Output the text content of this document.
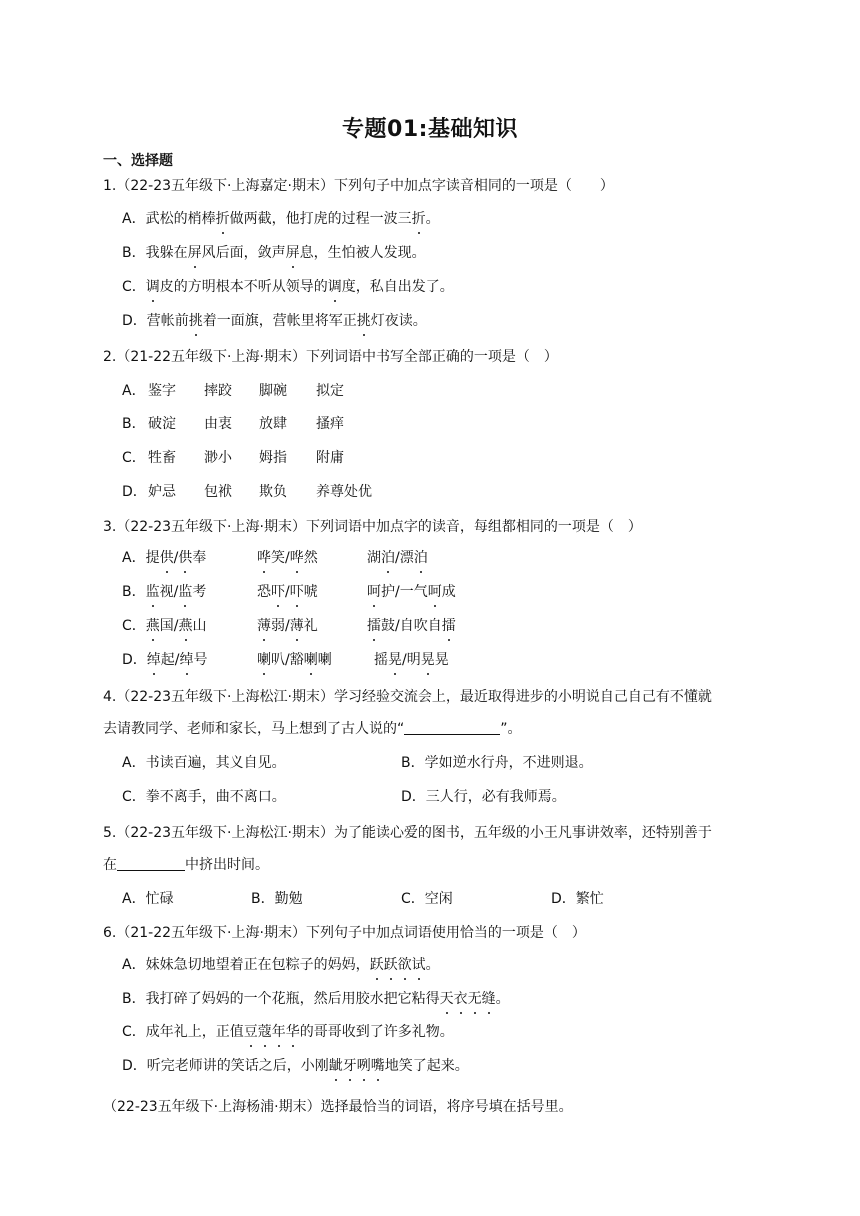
专题01:基础知识
一、选择题
1.（22-23五年级下·上海嘉定·期末）下列句子中加点字读音相同的一项是（　　）
A．武松的梢棒折做两截，他打虎的过程一波三折。
B．我躲在屏风后面，敛声屏息，生怕被人发现。
C．调皮的方明根本不听从领导的调度，私自出发了。
D．营帐前挑着一面旗，营帐里将军正挑灯夜读。
2.（21-22五年级下·上海·期末）下列词语中书写全部正确的一项是（　）
A． 鉴字 摔跤 脚碗 拟定
B． 破淀 由衷 放肆 搔痒
C． 牲畜 渺小 姆指 附庸
D． 妒忌 包袱 欺负 养尊处优
3.（22-23五年级下·上海·期末）下列词语中加点字的读音，每组都相同的一项是（　）
A．提供/供奉	哗笑/哗然	湖泊/漂泊
B．监视/监考	恐吓/吓唬	呵护/一气呵成
C．燕国/燕山	薄弱/薄礼	擂鼓/自吹自擂
D．绰起/绰号	喇叭/豁喇喇	摇晃/明晃晃
4.（22-23五年级下·上海松江·期末）学习经验交流会上，最近取得进步的小明说自己自己有不懂就
去请教同学、老师和家长，马上想到了古人说的“	”。
A．书读百遍，其义自见。	B．学如逆水行舟，不进则退。
C．拳不离手，曲不离口。	D．三人行，必有我师焉。
5.（22-23五年级下·上海松江·期末）为了能读心爱的图书，五年级的小王凡事讲效率，还特别善于
在	中挤出时间。
A．忙碌	B．勤勉	C．空闲	D．繁忙
6.（21-22五年级下·上海·期末）下列句子中加点词语使用恰当的一项是（　）
A．妹妹急切地望着正在包粽子的妈妈，跃跃欲试。
B．我打碎了妈妈的一个花瓶，然后用胶水把它粘得天衣无缝。
C．成年礼上，正值豆蔻年华的哥哥收到了许多礼物。
D．听完老师讲的笑话之后，小刚龇牙咧嘴地笑了起来。
（22-23五年级下·上海杨浦·期末）选择最恰当的词语，将序号填在括号里。
